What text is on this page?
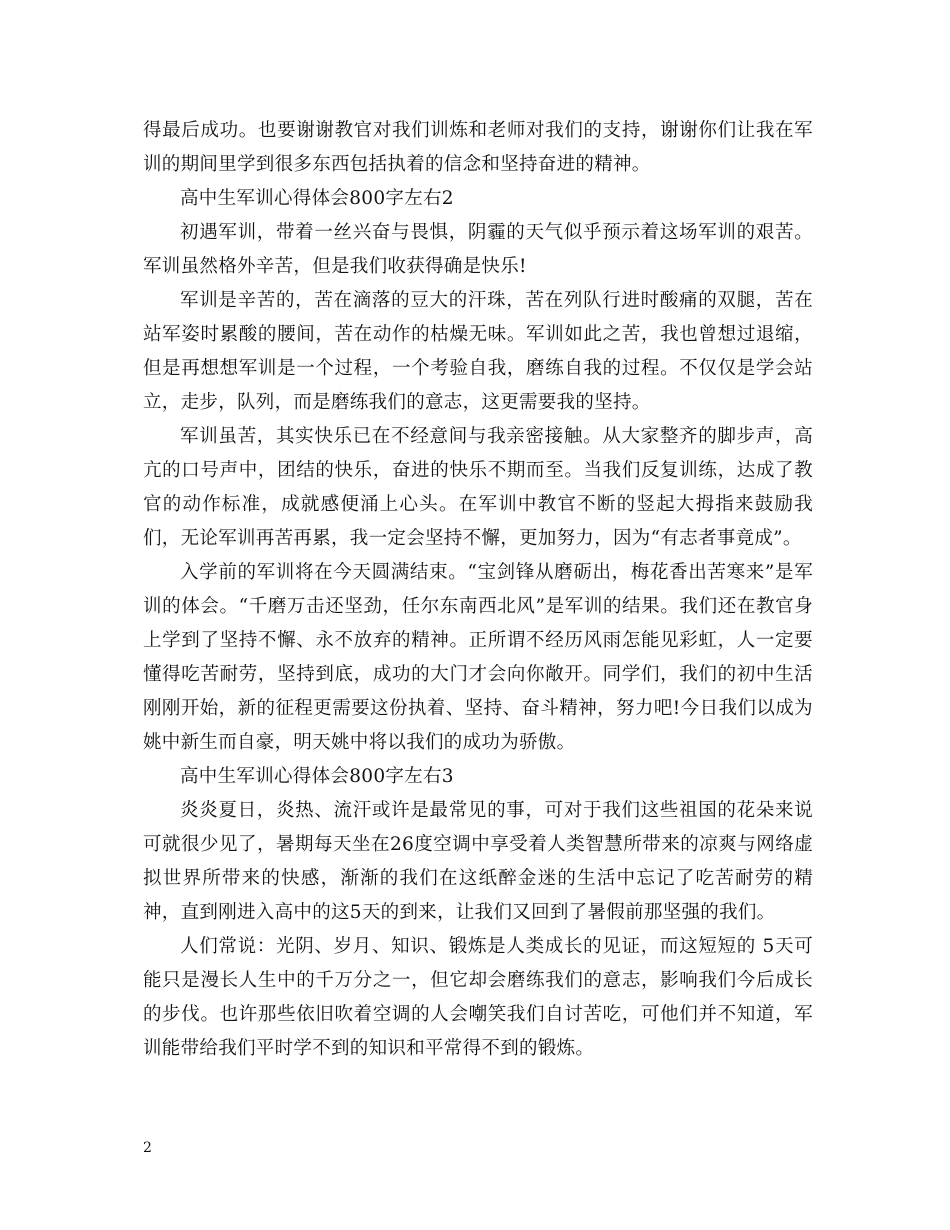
得最后成功。也要谢谢教官对我们训炼和老师对我们的支持，谢谢你们让我在军训的期间里学到很多东西包括执着的信念和坚持奋进的精神。

高中生军训心得体会800字左右2

初遇军训，带着一丝兴奋与畏惧，阴霾的天气似乎预示着这场军训的艰苦。军训虽然格外辛苦，但是我们收获得确是快乐!

军训是辛苦的，苦在滴落的豆大的汗珠，苦在列队行进时酸痛的双腿，苦在站军姿时累酸的腰间，苦在动作的枯燥无味。军训如此之苦，我也曾想过退缩，但是再想想军训是一个过程，一个考验自我，磨练自我的过程。不仅仅是学会站立，走步，队列，而是磨练我们的意志，这更需要我的坚持。

军训虽苦，其实快乐已在不经意间与我亲密接触。从大家整齐的脚步声，高亢的口号声中，团结的快乐，奋进的快乐不期而至。当我们反复训练，达成了教官的动作标准，成就感便涌上心头。在军训中教官不断的竖起大拇指来鼓励我们，无论军训再苦再累，我一定会坚持不懈，更加努力，因为“有志者事竟成”。

入学前的军训将在今天圆满结束。“宝剑锋从磨砺出，梅花香出苦寒来”是军训的体会。“千磨万击还坚劲，任尔东南西北风”是军训的结果。我们还在教官身上学到了坚持不懈、永不放弃的精神。正所谓不经历风雨怎能见彩虹，人一定要懂得吃苦耐劳，坚持到底，成功的大门才会向你敞开。同学们，我们的初中生活刚刚开始，新的征程更需要这份执着、坚持、奋斗精神，努力吧!今日我们以成为姚中新生而自豪，明天姚中将以我们的成功为骄傲。

高中生军训心得体会800字左右3

炎炎夏日，炎热、流汗或许是最常见的事，可对于我们这些祖国的花朵来说可就很少见了，暑期每天坐在26度空调中享受着人类智慧所带来的凉爽与网络虚拟世界所带来的快感，渐渐的我们在这纸醉金迷的生活中忘记了吃苦耐劳的精神，直到刚进入高中的这5天的到来，让我们又回到了暑假前那坚强的我们。

人们常说：光阴、岁月、知识、锻炼是人类成长的见证，而这短短的 5天可能只是漫长人生中的千万分之一，但它却会磨练我们的意志，影响我们今后成长的步伐。也许那些依旧吹着空调的人会嘲笑我们自讨苦吃，可他们并不知道，军训能带给我们平时学不到的知识和平常得不到的锻炼。

2
